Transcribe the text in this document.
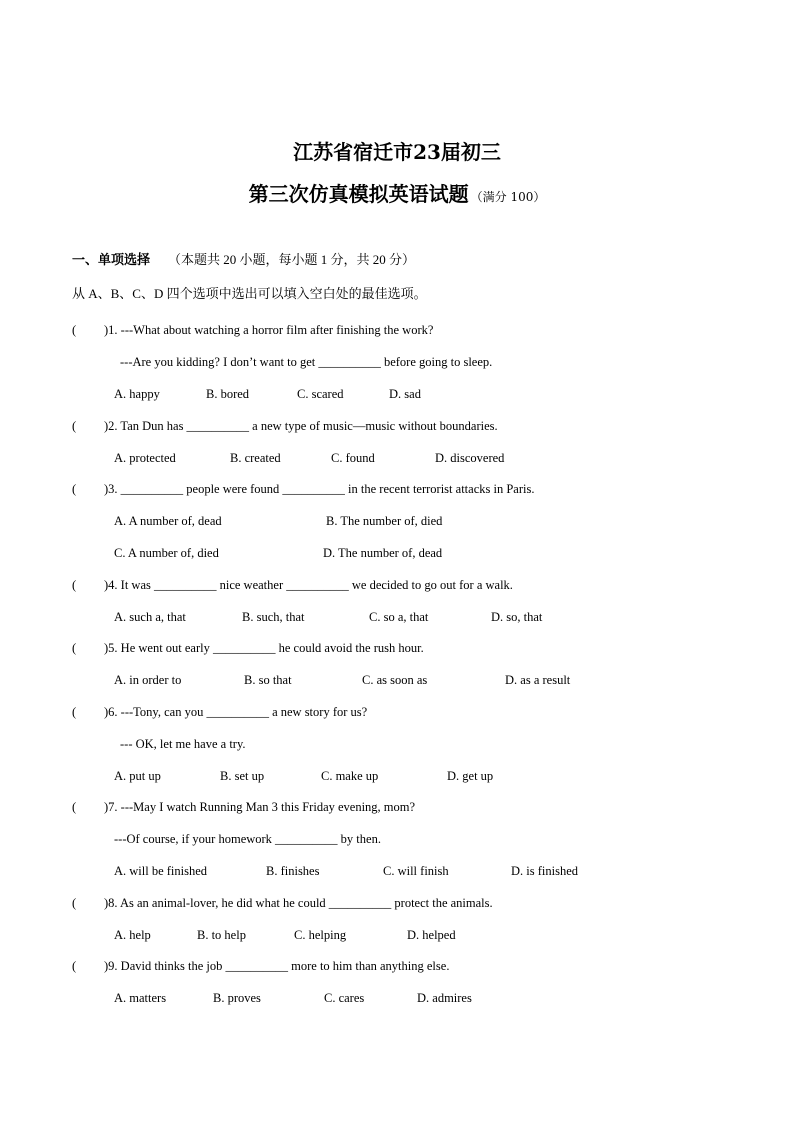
江苏省宿迁市23届初三
第三次仿真模拟英语试题 （满分 100）
一、单项选择 （本题共 20 小题，每小题 1 分，共 20 分）
从 A、B、C、D 四个选项中选出可以填入空白处的最佳选项。
( )1. ---What about watching a horror film after finishing the work?
---Are you kidding? I don’t want to get __________ before going to sleep.
A. happy	B. bored	C. scared	D. sad
( )2. Tan Dun has __________ a new type of music—music without boundaries.
A. protected	B. created	C. found	D. discovered
( )3. __________ people were found __________ in the recent terrorist attacks in Paris.
A. A number of, dead	B. The number of, died
C. A number of, died	D. The number of, dead
( )4. It was __________ nice weather __________ we decided to go out for a walk.
A. such a, that	B. such, that	C. so a, that	D. so, that
( )5. He went out early __________ he could avoid the rush hour.
A. in order to	B. so that	C. as soon as	D. as a result
( )6. ---Tony, can you __________ a new story for us?
--- OK, let me have a try.
A. put up	B. set up	C. make up	D. get up
( )7. ---May I watch Running Man 3 this Friday evening, mom?
---Of course, if your homework __________ by then.
A. will be finished	B. finishes	C. will finish	D. is finished
( )8. As an animal-lover, he did what he could __________ protect the animals.
A. help	B. to help	C. helping	D. helped
( )9. David thinks the job __________ more to him than anything else.
A. matters	B. proves	C. cares	D. admires
